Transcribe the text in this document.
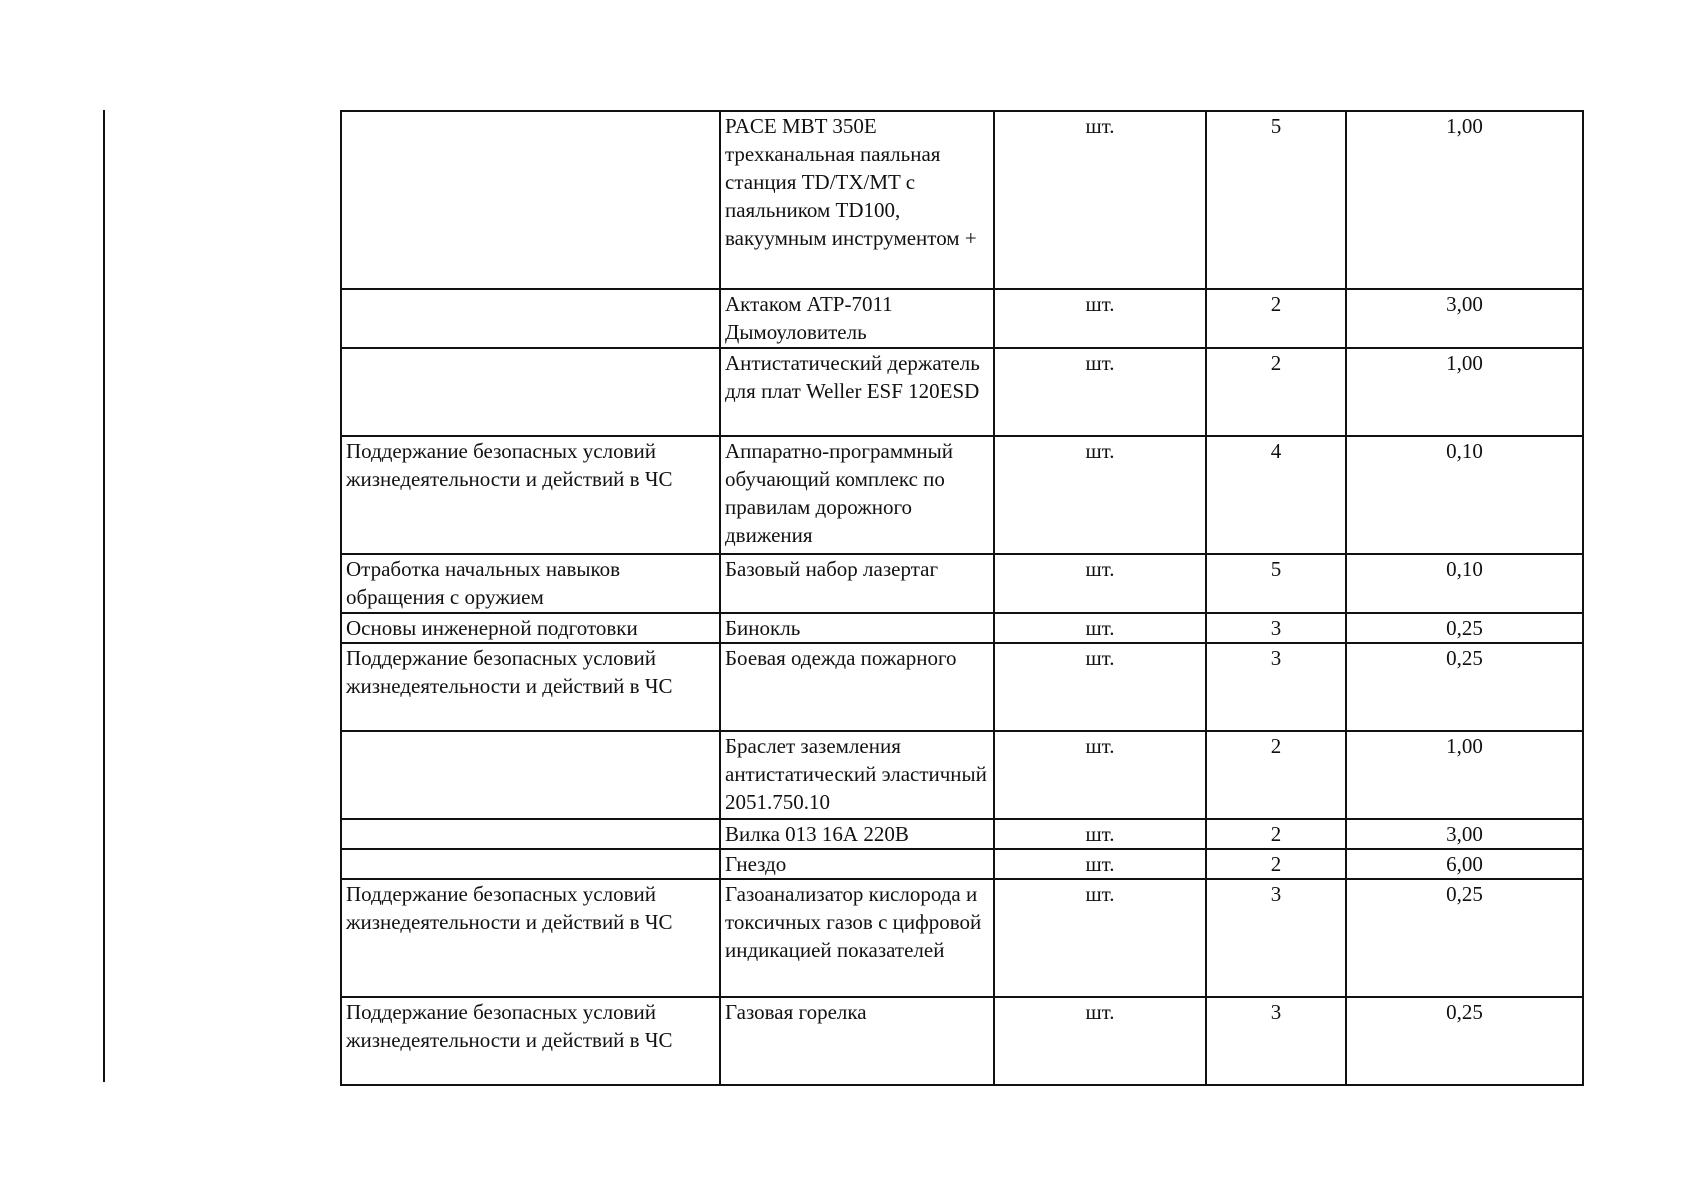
	PACE MBT 350E трехканальная паяльная станция TD/TX/MT с паяльником TD100, вакуумным инструментом +	шт.	5	1,00
	Актаком АТР-7011 Дымоуловитель	шт.	2	3,00
	Антистатический держатель для плат Weller ESF 120ESD	шт.	2	1,00
Поддержание безопасных условий жизнедеятельности и действий в ЧС	Аппаратно-программный обучающий комплекс по правилам дорожного движения	шт.	4	0,10
Отработка начальных навыков обращения с оружием	Базовый набор лазертаг	шт.	5	0,10
Основы инженерной подготовки	Бинокль	шт.	3	0,25
Поддержание безопасных условий жизнедеятельности и действий в ЧС	Боевая одежда пожарного	шт.	3	0,25
	Браслет заземления антистатический эластичный 2051.750.10	шт.	2	1,00
	Вилка 013 16А 220В	шт.	2	3,00
	Гнездо	шт.	2	6,00
Поддержание безопасных условий жизнедеятельности и действий в ЧС	Газоанализатор кислорода и токсичных газов с цифровой индикацией показателей	шт.	3	0,25
Поддержание безопасных условий жизнедеятельности и действий в ЧС	Газовая горелка	шт.	3	0,25
